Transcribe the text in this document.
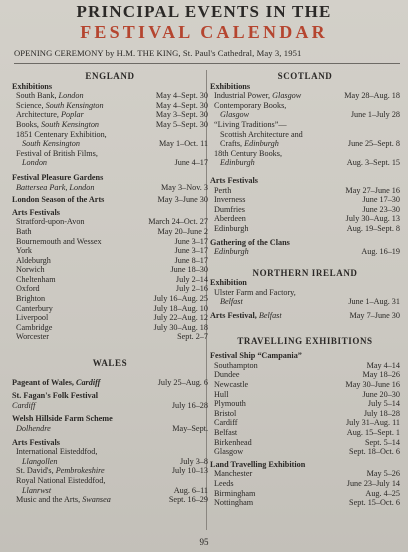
PRINCIPAL EVENTS IN THE
FESTIVAL CALENDAR
OPENING CEREMONY by H.M. THE KING, St. Paul's Cathedral, May 3, 1951

ENGLAND

Exhibitions

South Bank, London	May 4–Sept. 30
Science, South Kensington	May 4–Sept. 30
Architecture, Poplar	May 3–Sept. 30
Books, South Kensington	May 5–Sept. 30
1851 Centenary Exhibition,
South Kensington	May 1–Oct. 11
Festival of British Films,
London	June 4–17

Festival Pleasure Gardens

Battersea Park, London	May 3–Nov. 3
London Season of the Arts	May 3–June 30

Arts Festivals

Stratford-upon-Avon	March 24–Oct. 27
Bath	May 20–June 2
Bournemouth and Wessex	June 3–17
York	June 3–17
Aldeburgh	June 8–17
Norwich	June 18–30
Cheltenham	July 2–14
Oxford	July 2–16
Brighton	July 16–Aug. 25
Canterbury	July 18–Aug. 10
Liverpool	July 22–Aug. 12
Cambridge	July 30–Aug. 18
Worcester	Sept. 2–7

WALES

Pageant of Wales, Cardiff	July 25–Aug. 6

St. Fagan's Folk Festival

Cardiff	July 16–28

Welsh Hillside Farm Scheme

Dolhendre	May–Sept.

Arts Festivals

International Eisteddfod,
Llangollen	July 3–8
St. David's, Pembrokeshire	July 10–13
Royal National Eisteddfod,
Llanrwst	Aug. 6–11
Music and the Arts, Swansea	Sept. 16–29

SCOTLAND

Exhibitions

Industrial Power, Glasgow	May 28–Aug. 18
Contemporary Books,
Glasgow	June 1–July 28
“Living Traditions”—
Scottish Architecture and
Crafts, Edinburgh	June 25–Sept. 8
18th Century Books,
Edinburgh	Aug. 3–Sept. 15

Arts Festivals

Perth	May 27–June 16
Inverness	June 17–30
Dumfries	June 23–30
Aberdeen	July 30–Aug. 13
Edinburgh	Aug. 19–Sept. 8

Gathering of the Clans

Edinburgh	Aug. 16–19

NORTHERN IRELAND

Exhibition

Ulster Farm and Factory,
Belfast	June 1–Aug. 31
Arts Festival, Belfast	May 7–June 30

TRAVELLING EXHIBITIONS

Festival Ship “Campania”

Southampton	May 4–14
Dundee	May 18–26
Newcastle	May 30–June 16
Hull	June 20–30
Plymouth	July 5–14
Bristol	July 18–28
Cardiff	July 31–Aug. 11
Belfast	Aug. 15–Sept. 1
Birkenhead	Sept. 5–14
Glasgow	Sept. 18–Oct. 6

Land Travelling Exhibition

Manchester	May 5–26
Leeds	June 23–July 14
Birmingham	Aug. 4–25
Nottingham	Sept. 15–Oct. 6
95
